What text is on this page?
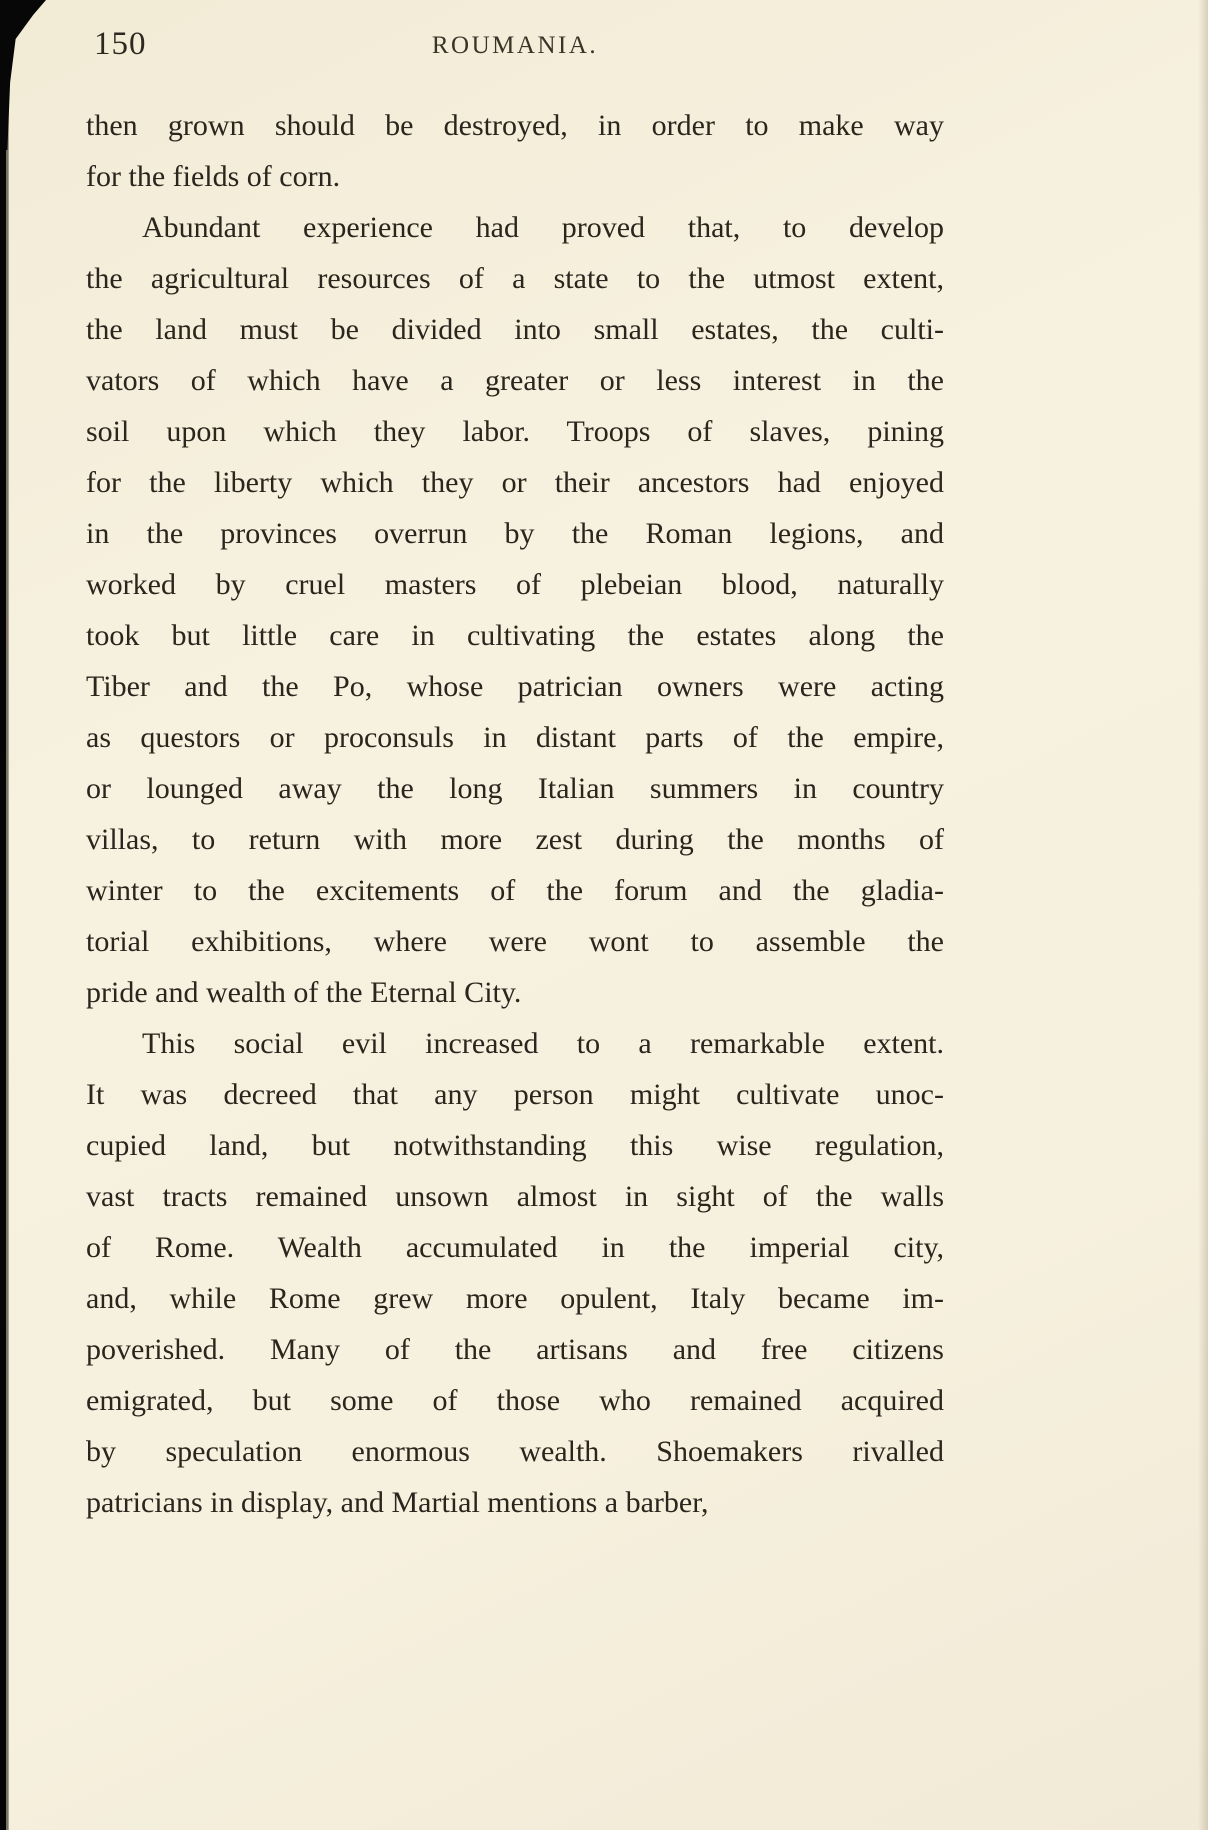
150	ROUMANIA.
then grown should be destroyed, in order to make way
for the fields of corn.
Abundant experience had proved that, to develop
the agricultural resources of a state to the utmost extent,
the land must be divided into small estates, the culti-
vators of which have a greater or less interest in the
soil upon which they labor. Troops of slaves, pining
for the liberty which they or their ancestors had enjoyed
in the provinces overrun by the Roman legions, and
worked by cruel masters of plebeian blood, naturally
took but little care in cultivating the estates along the
Tiber and the Po, whose patrician owners were acting
as questors or proconsuls in distant parts of the empire,
or lounged away the long Italian summers in country
villas, to return with more zest during the months of
winter to the excitements of the forum and the gladia-
torial exhibitions, where were wont to assemble the
pride and wealth of the Eternal City.
This social evil increased to a remarkable extent.
It was decreed that any person might cultivate unoc-
cupied land, but notwithstanding this wise regulation,
vast tracts remained unsown almost in sight of the walls
of Rome. Wealth accumulated in the imperial city,
and, while Rome grew more opulent, Italy became im-
poverished. Many of the artisans and free citizens
emigrated, but some of those who remained acquired
by speculation enormous wealth. Shoemakers rivalled
patricians in display, and Martial mentions a barber,
